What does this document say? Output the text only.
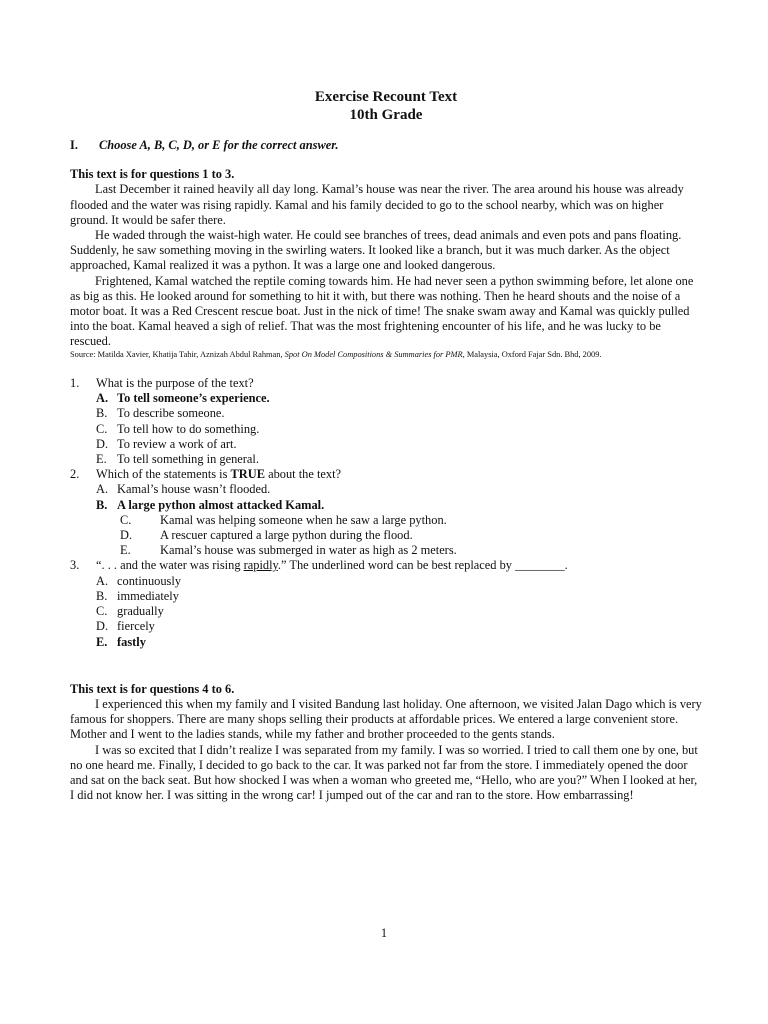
Exercise Recount Text
10th Grade
I.	Choose A, B, C, D, or E for the correct answer.
This text is for questions 1 to 3.

Last December it rained heavily all day long. Kamal’s house was near the river. The area around his house was already flooded and the water was rising rapidly. Kamal and his family decided to go to the school nearby, which was on higher ground. It would be safer there.

He waded through the waist-high water. He could see branches of trees, dead animals and even pots and pans floating. Suddenly, he saw something moving in the swirling waters. It looked like a branch, but it was much darker. As the object approached, Kamal realized it was a python. It was a large one and looked dangerous.

Frightened, Kamal watched the reptile coming towards him. He had never seen a python swimming before, let alone one as big as this. He looked around for something to hit it with, but there was nothing. Then he heard shouts and the noise of a motor boat. It was a Red Crescent rescue boat. Just in the nick of time! The snake swam away and Kamal was quickly pulled into the boat. Kamal heaved a sigh of relief. That was the most frightening encounter of his life, and he was lucky to be rescued.

Source: Matilda Xavier, Khatija Tahir, Aznizah Abdul Rahman, Spot On Model Compositions & Summaries for PMR, Malaysia, Oxford Fajar Sdn. Bhd, 2009.

1.	What is the purpose of the text?
A. To tell someone’s experience.
B. To describe someone.
C. To tell how to do something.
D. To review a work of art.
E. To tell something in general.
2.	Which of the statements is TRUE about the text?
A. Kamal’s house wasn’t flooded.
B. A large python almost attacked Kamal.
C.	Kamal was helping someone when he saw a large python.
D.	A rescuer captured a large python during the flood.
E.	Kamal’s house was submerged in water as high as 2 meters.
3.	“. . . and the water was rising rapidly.” The underlined word can be best replaced by ________.
A. continuously
B. immediately
C. gradually
D. fiercely
E. fastly
This text is for questions 4 to 6.

I experienced this when my family and I visited Bandung last holiday. One afternoon, we visited Jalan Dago which is very famous for shoppers. There are many shops selling their products at affordable prices. We entered a large convenient store. Mother and I went to the ladies stands, while my father and brother proceeded to the gents stands.

I was so excited that I didn’t realize I was separated from my family. I was so worried. I tried to call them one by one, but no one heard me. Finally, I decided to go back to the car. It was parked not far from the store. I immediately opened the door and sat on the back seat. But how shocked I was when a woman who greeted me, “Hello, who are you?” When I looked at her, I did not know her. I was sitting in the wrong car! I jumped out of the car and ran to the store. How embarrassing!

1
